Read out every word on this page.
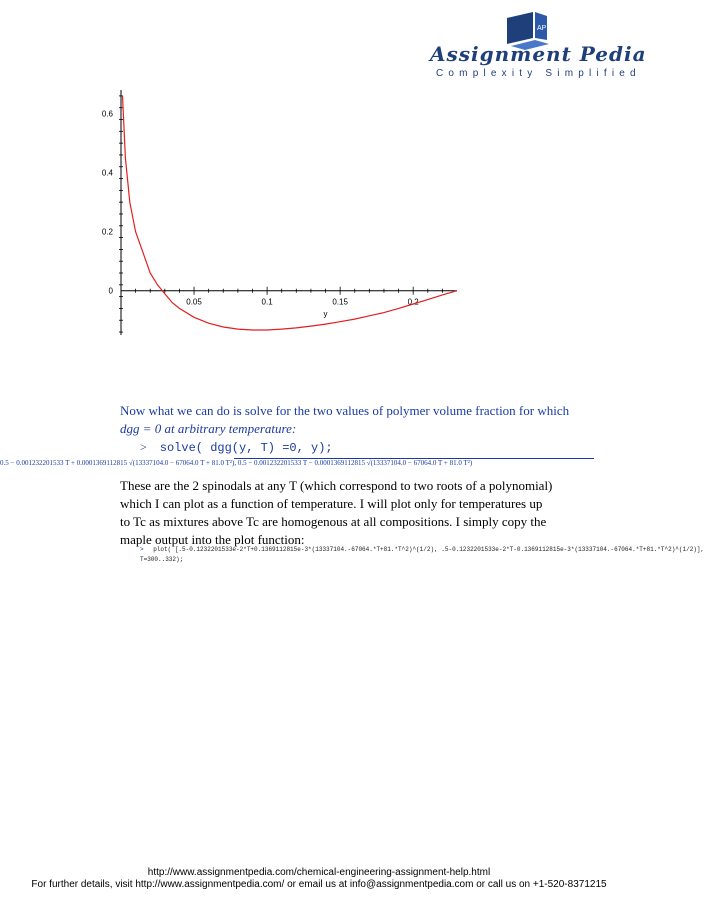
AP
Assignment Pedia
Complexity Simplified
0
0.2
0.4
0.6
0.05	0.1	0.15	0.2
y
Now what we can do is solve for the two values of polymer volume fraction for which
dgg = 0 at arbitrary temperature:
> solve( dgg(y, T) =0, y);
0.5 − 0.001232201533 T + 0.0001369112815 √(13337104.0 − 67064.0 T + 81.0 T²), 0.5 − 0.001232201533 T − 0.0001369112815 √(13337104.0 − 67064.0 T + 81.0 T²)
These are the 2 spinodals at any T (which correspond to two roots of a polynomial)
which I can plot as a function of temperature. I will plot only for temperatures up
to Tc as mixtures above Tc are homogenous at all compositions. I simply copy the
maple output into the plot function:
> plot( [.5-0.1232201533e-2*T+0.1369112815e-3*(13337104.-67064.*T+81.*T^2)^(1/2), .5-0.1232201533e-2*T-0.1369112815e-3*(13337104.-67064.*T+81.*T^2)^(1/2)],
T=300..332);
http://www.assignmentpedia.com/chemical-engineering-assignment-help.html
For further details, visit http://www.assignmentpedia.com/ or email us at info@assignmentpedia.com or call us on +1-520-8371215
